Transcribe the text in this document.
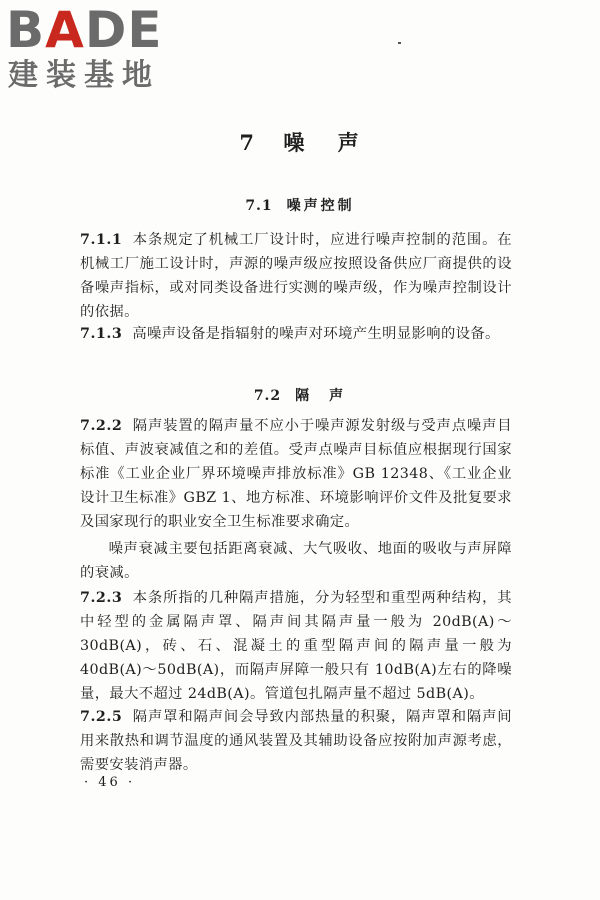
BADE
建装基地
7 噪 声
7.1 噪声控制
7.1.1 本条规定了机械工厂设计时，应进行噪声控制的范围。在机械工厂施工设计时，声源的噪声级应按照设备供应厂商提供的设备噪声指标，或对同类设备进行实测的噪声级，作为噪声控制设计的依据。
7.1.3 高噪声设备是指辐射的噪声对环境产生明显影响的设备。
7.2 隔　声
7.2.2 隔声装置的隔声量不应小于噪声源发射级与受声点噪声目标值、声波衰减值之和的差值。受声点噪声目标值应根据现行国家标准《工业企业厂界环境噪声排放标准》GB 12348、《工业企业设计卫生标准》GBZ 1、地方标准、环境影响评价文件及批复要求及国家现行的职业安全卫生标准要求确定。
噪声衰减主要包括距离衰减、大气吸收、地面的吸收与声屏障的衰减。
7.2.3 本条所指的几种隔声措施，分为轻型和重型两种结构，其中轻型的金属隔声罩、隔声间其隔声量一般为 20dB(A)～30dB(A)，砖、石、混凝土的重型隔声间的隔声量一般为 40dB(A)～50dB(A)，而隔声屏障一般只有 10dB(A)左右的降噪量，最大不超过 24dB(A)。管道包扎隔声量不超过 5dB(A)。
7.2.5 隔声罩和隔声间会导致内部热量的积聚，隔声罩和隔声间用来散热和调节温度的通风装置及其辅助设备应按附加声源考虑，需要安装消声器。
· 46 ·
